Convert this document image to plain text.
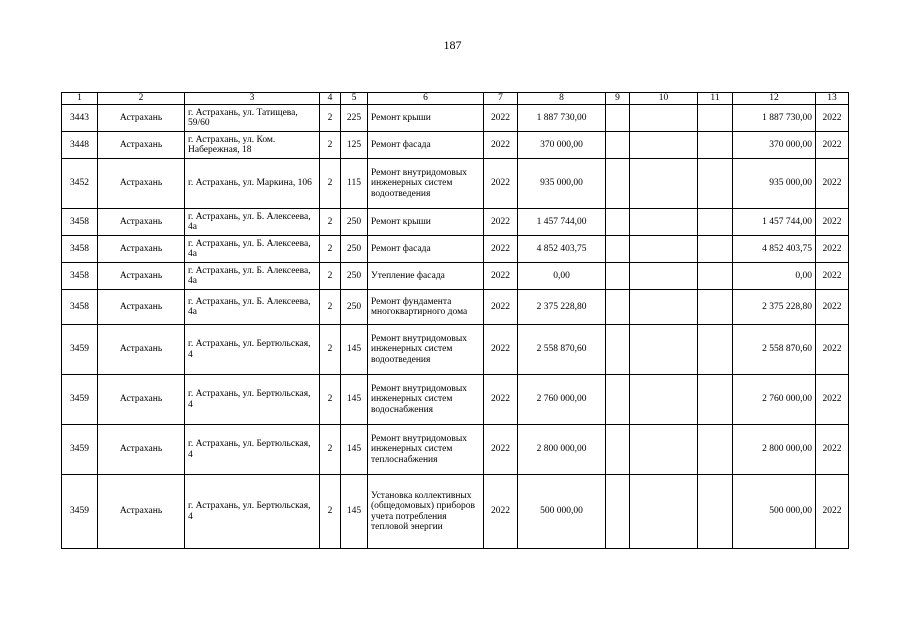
187
1	2	3	4	5	6	7	8	9	10	11	12	13
3443	Астрахань	г. Астрахань, ул. Татищева, 59/60	2	225	Ремонт крыши	2022	1 887 730,00				1 887 730,00	2022
3448	Астрахань	г. Астрахань, ул. Ком. Набережная, 18	2	125	Ремонт фасада	2022	370 000,00				370 000,00	2022
3452	Астрахань	г. Астрахань, ул. Маркина, 106	2	115	Ремонт внутридомовых инженерных систем водоотведения	2022	935 000,00				935 000,00	2022
3458	Астрахань	г. Астрахань, ул. Б. Алексеева, 4а	2	250	Ремонт крыши	2022	1 457 744,00				1 457 744,00	2022
3458	Астрахань	г. Астрахань, ул. Б. Алексеева, 4а	2	250	Ремонт фасада	2022	4 852 403,75				4 852 403,75	2022
3458	Астрахань	г. Астрахань, ул. Б. Алексеева, 4а	2	250	Утепление фасада	2022	0,00				0,00	2022
3458	Астрахань	г. Астрахань, ул. Б. Алексеева, 4а	2	250	Ремонт фундамента многоквартирного дома	2022	2 375 228,80				2 375 228,80	2022
3459	Астрахань	г. Астрахань, ул. Бертюльская, 4	2	145	Ремонт внутридомовых инженерных систем водоотведения	2022	2 558 870,60				2 558 870,60	2022
3459	Астрахань	г. Астрахань, ул. Бертюльская, 4	2	145	Ремонт внутридомовых инженерных систем водоснабжения	2022	2 760 000,00				2 760 000,00	2022
3459	Астрахань	г. Астрахань, ул. Бертюльская, 4	2	145	Ремонт внутридомовых инженерных систем теплоснабжения	2022	2 800 000,00				2 800 000,00	2022
3459	Астрахань	г. Астрахань, ул. Бертюльская, 4	2	145	Установка коллективных (общедомовых) приборов учета потребления тепловой энергии	2022	500 000,00				500 000,00	2022
